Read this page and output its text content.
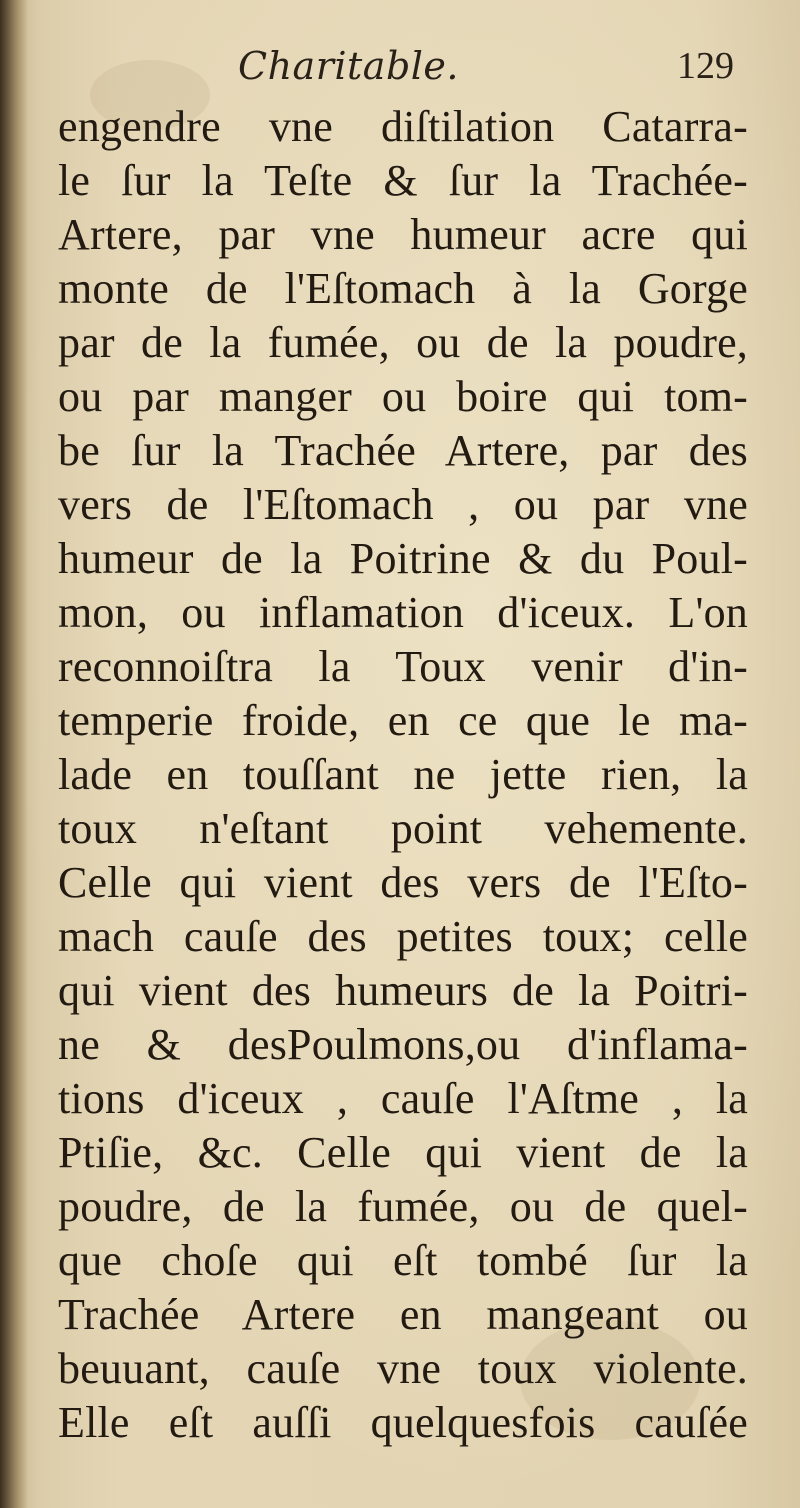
Charitable.	129
engendre vne diſtilation Catarra-
le ſur la Teſte & ſur la Trachée-
Artere, par vne humeur acre qui
monte de l'Eſtomach à la Gorge
par de la fumée, ou de la poudre,
ou par manger ou boire qui tom-
be ſur la Trachée Artere, par des
vers de l'Eſtomach , ou par vne
humeur de la Poitrine & du Poul-
mon, ou inflamation d'iceux. L'on
reconnoiſtra la Toux venir d'in-
temperie froide, en ce que le ma-
lade en touſſant ne jette rien, la
toux n'eſtant point vehemente.
Celle qui vient des vers de l'Eſto-
mach cauſe des petites toux; celle
qui vient des humeurs de la Poitri-
ne & desPoulmons,ou d'inflama-
tions d'iceux , cauſe l'Aſtme , la
Ptiſie, &c. Celle qui vient de la
poudre, de la fumée, ou de quel-
que choſe qui eſt tombé ſur la
Trachée Artere en mangeant ou
beuuant, cauſe vne toux violente.
Elle eſt auſſi quelquesfois cauſée
